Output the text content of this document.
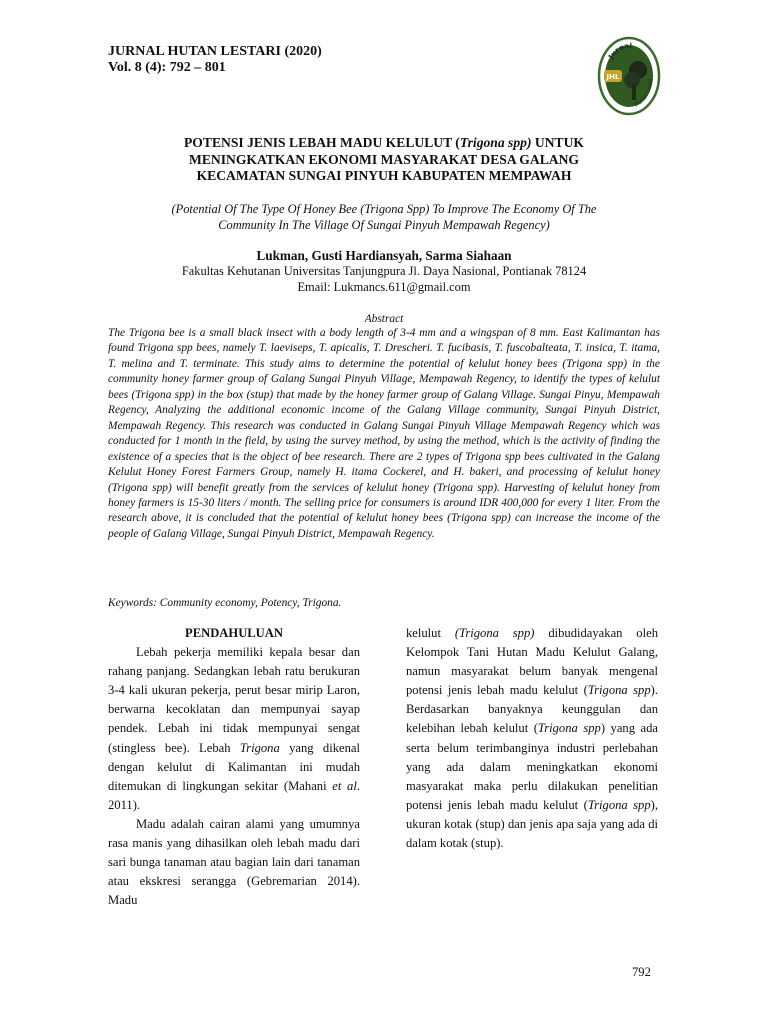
JURNAL HUTAN LESTARI (2020)
Vol. 8 (4): 792 – 801
Jurnal
JHL
Hutan Lesta
POTENSI JENIS LEBAH MADU KELULUT (Trigona spp) UNTUK
MENINGKATKAN EKONOMI MASYARAKAT DESA GALANG
KECAMATAN SUNGAI PINYUH KABUPATEN MEMPAWAH
(Potential Of The Type Of Honey Bee (Trigona Spp) To Improve The Economy Of The
Community In The Village Of Sungai Pinyuh Mempawah Regency)
Lukman, Gusti Hardiansyah, Sarma Siahaan
Fakultas Kehutanan Universitas Tanjungpura Jl. Daya Nasional, Pontianak 78124
Email: Lukmancs.611@gmail.com
Abstract

The Trigona bee is a small black insect with a body length of 3-4 mm and a wingspan of 8 mm. East Kalimantan has found Trigona spp bees, namely T. laeviseps, T. apicalis, T. Drescheri. T. fucibasis, T. fuscobalteata, T. insica, T. itama, T. melina and T. terminate. This study aims to determine the potential of kelulut honey bees (Trigona spp) in the community honey farmer group of Galang Sungai Pinyuh Village, Mempawah Regency, to identify the types of kelulut bees (Trigona spp) in the box (stup) that made by the honey farmer group of Galang Village. Sungai Pinyu, Mempawah Regency, Analyzing the additional economic income of the Galang Village community, Sungai Pinyuh District, Mempawah Regency. This research was conducted in Galang Sungai Pinyuh Village Mempawah Regency which was conducted for 1 month in the field, by using the survey method, by using the method, which is the activity of finding the existence of a species that is the object of bee research. There are 2 types of Trigona spp bees cultivated in the Galang Kelulut Honey Forest Farmers Group, namely H. itama Cockerel, and H. bakeri, and processing of kelulut honey (Trigona spp) will benefit greatly from the services of kelulut honey (Trigona spp). Harvesting of kelulut honey from honey farmers is 15-30 liters / month. The selling price for consumers is around IDR 400,000 for every 1 liter. From the research above, it is concluded that the potential of kelulut honey bees (Trigona spp) can increase the income of the people of Galang Village, Sungai Pinyuh District, Mempawah Regency.

Keywords: Community economy, Potency, Trigona.
PENDAHULUAN

Lebah pekerja memiliki kepala besar dan rahang panjang. Sedangkan lebah ratu berukuran 3-4 kali ukuran pekerja, perut besar mirip Laron, berwarna kecoklatan dan mempunyai sayap pendek. Lebah ini tidak mempunyai sengat (stingless bee). Lebah Trigona yang dikenal dengan kelulut di Kalimantan ini mudah ditemukan di lingkungan sekitar (Mahani et al. 2011).

Madu adalah cairan alami yang umumnya rasa manis yang dihasilkan oleh lebah madu dari sari bunga tanaman atau bagian lain dari tanaman atau ekskresi serangga (Gebremarian 2014). Madu

kelulut (Trigona spp) dibudidayakan oleh Kelompok Tani Hutan Madu Kelulut Galang, namun masyarakat belum banyak mengenal potensi jenis lebah madu kelulut (Trigona spp). Berdasarkan banyaknya keunggulan dan kelebihan lebah kelulut (Trigona spp) yang ada serta belum terimbanginya industri perlebahan yang ada dalam meningkatkan ekonomi masyarakat maka perlu dilakukan penelitian potensi jenis lebah madu kelulut (Trigona spp), ukuran kotak (stup) dan jenis apa saja yang ada di dalam kotak (stup).

792
